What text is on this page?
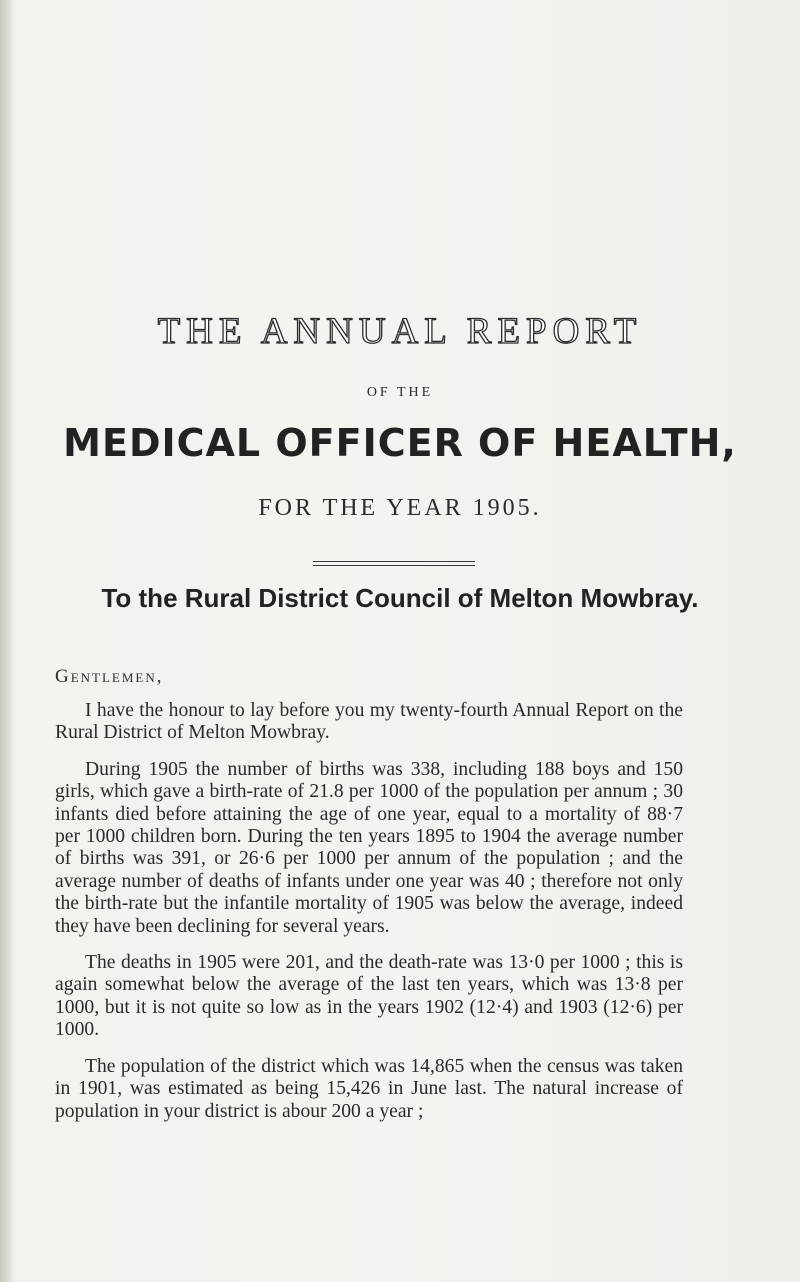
THE ANNUAL REPORT
OF THE
MEDICAL OFFICER OF HEALTH,
FOR THE YEAR 1905.
To the Rural District Council of Melton Mowbray.
Gentlemen,

I have the honour to lay before you my twenty-fourth Annual Report on the Rural District of Melton Mowbray.

During 1905 the number of births was 338, including 188 boys and 150 girls, which gave a birth-rate of 21.8 per 1000 of the population per annum ; 30 infants died before attaining the age of one year, equal to a mortality of 88·7 per 1000 children born. During the ten years 1895 to 1904 the average number of births was 391, or 26·6 per 1000 per annum of the population ; and the average number of deaths of infants under one year was 40 ; therefore not only the birth-rate but the infantile mortality of 1905 was below the average, indeed they have been declining for several years.

The deaths in 1905 were 201, and the death-rate was 13·0 per 1000 ; this is again somewhat below the average of the last ten years, which was 13·8 per 1000, but it is not quite so low as in the years 1902 (12·4) and 1903 (12·6) per 1000.

The population of the district which was 14,865 when the census was taken in 1901, was estimated as being 15,426 in June last. The natural increase of population in your district is abour 200 a year ;
